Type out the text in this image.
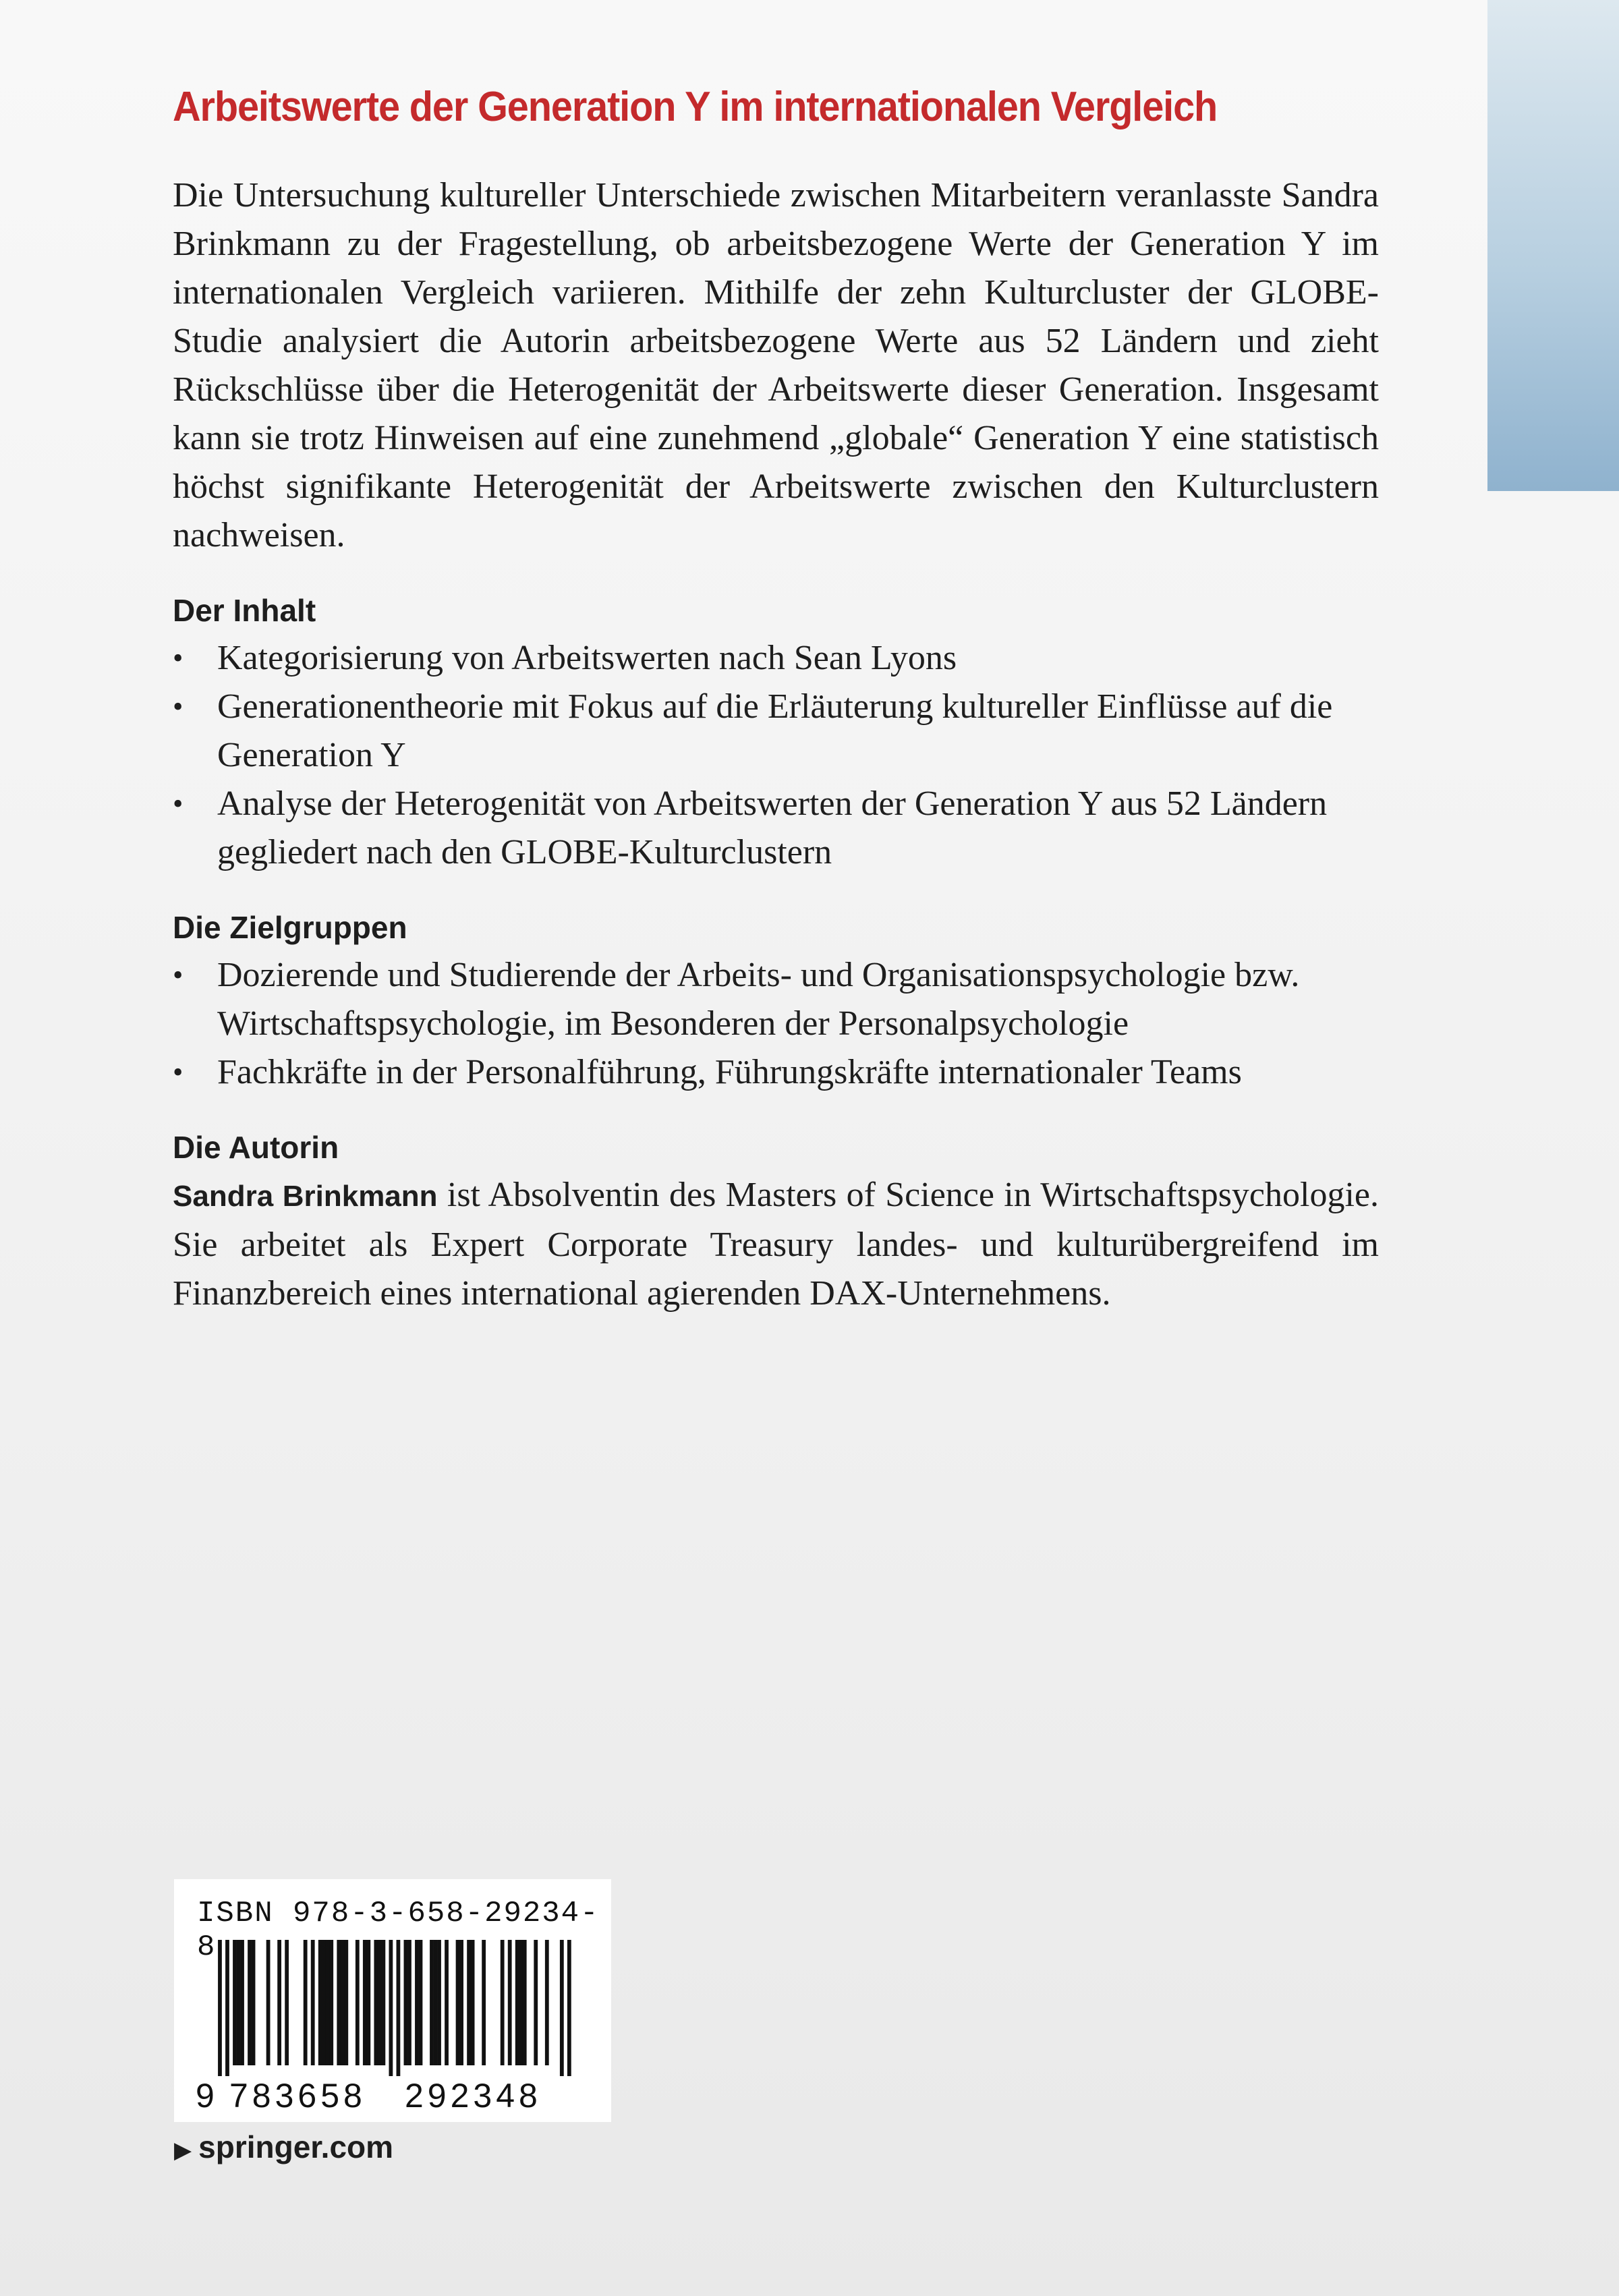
Arbeitswerte der Generation Y im internationalen Vergleich

Die Untersuchung kultureller Unterschiede zwischen Mitarbeitern veranlasste Sandra Brinkmann zu der Fragestellung, ob arbeitsbezogene Werte der Generation Y im internationalen Vergleich variieren. Mithilfe der zehn Kulturcluster der GLOBE-Studie analysiert die Autorin arbeitsbezogene Werte aus 52 Ländern und zieht Rückschlüsse über die Heterogenität der Arbeitswerte dieser Generation. Insgesamt kann sie trotz Hinweisen auf eine zunehmend „globale“ Generation Y eine statistisch höchst signifikante Heterogenität der Arbeitswerte zwischen den Kulturclustern nachweisen.

Der Inhalt
• Kategorisierung von Arbeitswerten nach Sean Lyons
• Generationentheorie mit Fokus auf die Erläuterung kultureller Einflüsse auf die Generation Y
• Analyse der Heterogenität von Arbeitswerten der Generation Y aus 52 Ländern gegliedert nach den GLOBE-Kulturclustern
Die Zielgruppen
• Dozierende und Studierende der Arbeits- und Organisationspsychologie bzw. Wirtschaftspsychologie, im Besonderen der Personalpsychologie
• Fachkräfte in der Personalführung, Führungskräfte internationaler Teams
Die Autorin

Sandra Brinkmann ist Absolventin des Masters of Science in Wirtschaftspsychologie. Sie arbeitet als Expert Corporate Treasury landes- und kulturübergreifend im Finanzbereich eines international agierenden DAX-Unternehmens.

ISBN 978-3-658-29234-8
9 783658 292348
▶ springer.com
